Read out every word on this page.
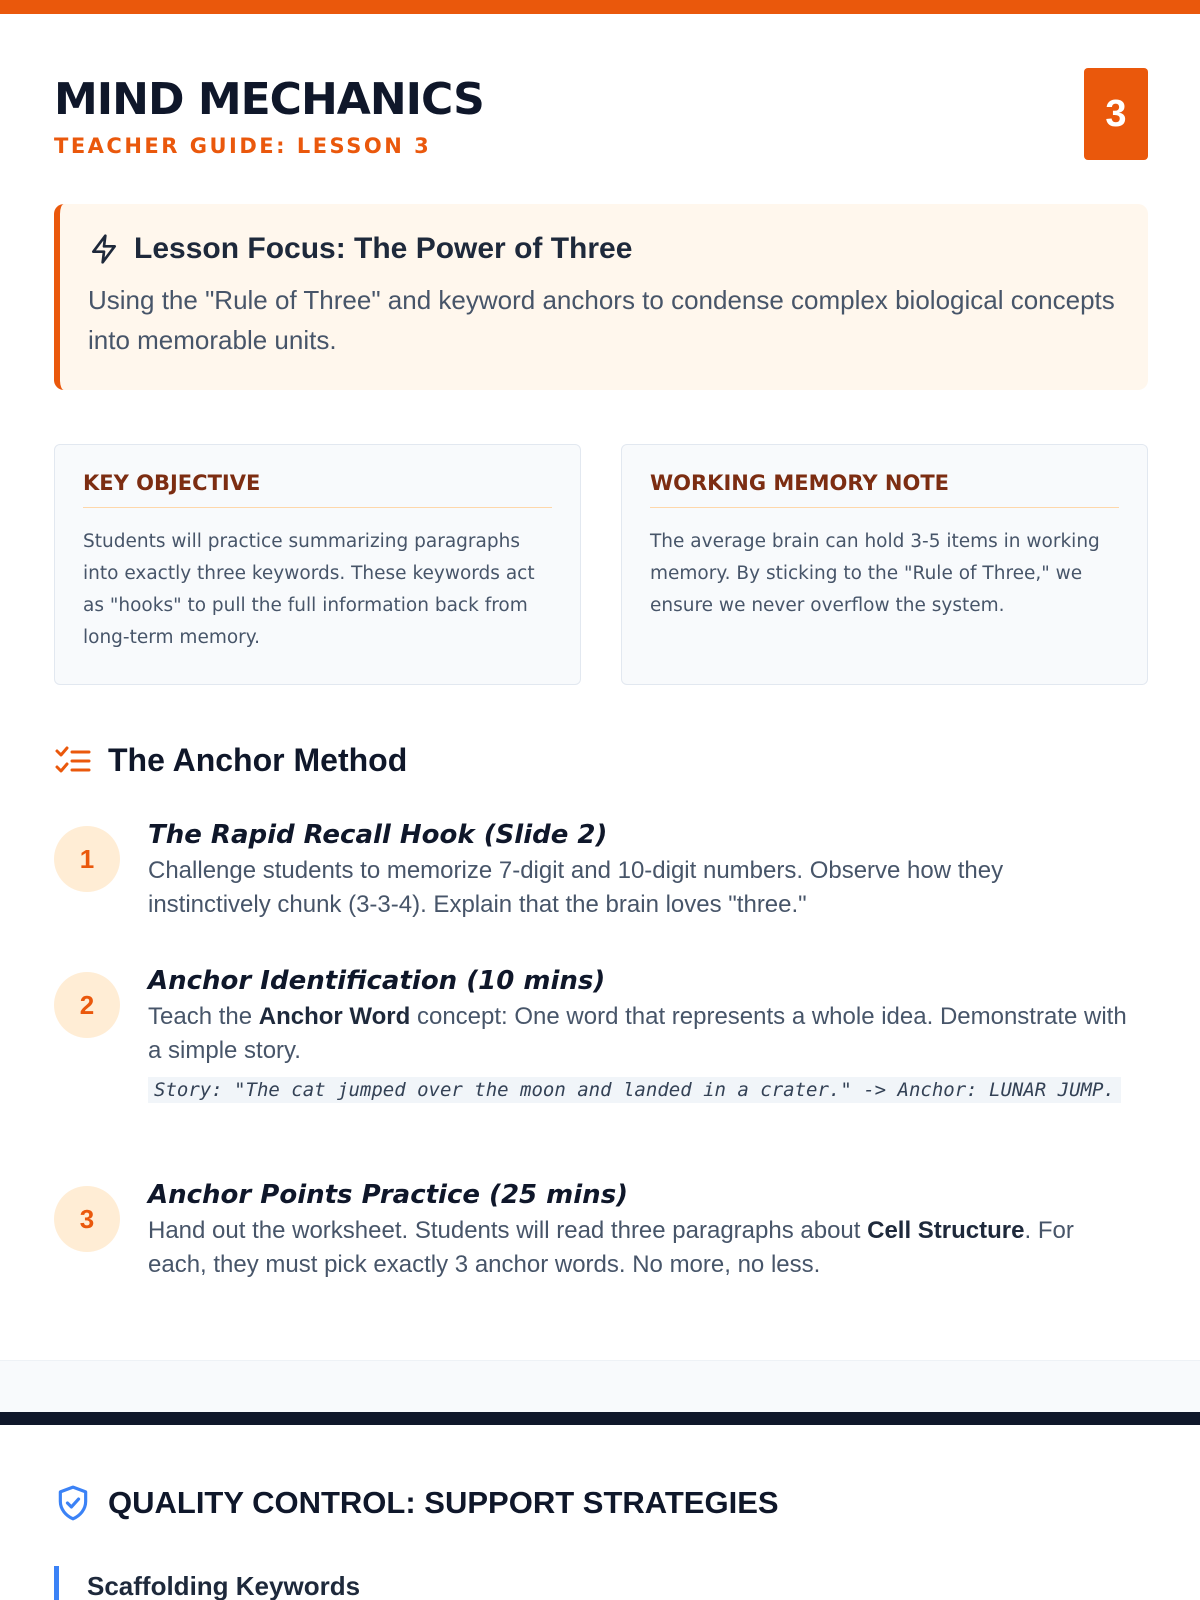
MIND MECHANICS
TEACHER GUIDE: LESSON 3
3
Lesson Focus: The Power of Three
Using the "Rule of Three" and keyword anchors to condense complex biological concepts into memorable units.
KEY OBJECTIVE
Students will practice summarizing paragraphs into exactly three keywords. These keywords act as "hooks" to pull the full information back from long-term memory.
WORKING MEMORY NOTE
The average brain can hold 3-5 items in working memory. By sticking to the "Rule of Three," we ensure we never overflow the system.
The Anchor Method
1
The Rapid Recall Hook (Slide 2)
Challenge students to memorize 7-digit and 10-digit numbers. Observe how they instinctively chunk (3-3-4). Explain that the brain loves "three."
2
Anchor Identification (10 mins)
Teach the Anchor Word concept: One word that represents a whole idea. Demonstrate with a simple story.
Story: "The cat jumped over the moon and landed in a crater." -> Anchor: LUNAR JUMP.
3
Anchor Points Practice (25 mins)
Hand out the worksheet. Students will read three paragraphs about Cell Structure. For each, they must pick exactly 3 anchor words. No more, no less.
QUALITY CONTROL: SUPPORT STRATEGIES
Scaffolding Keywords
